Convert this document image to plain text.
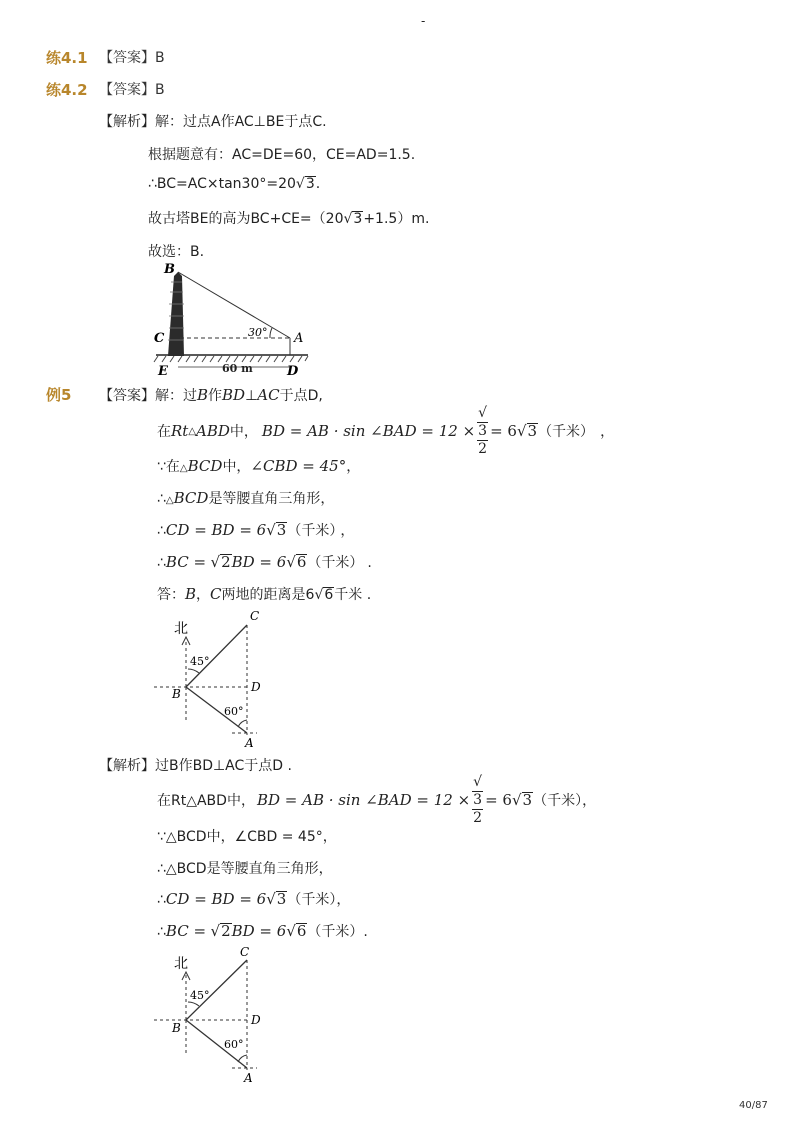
-
练4.1 【答案】B
练4.2 【答案】B
【解析】解：过点A作AC⊥BE于点C.
根据题意有：AC=DE=60，CE=AD=1.5.
∴BC=AC×tan30°=20√3.
故古塔BE的高为BC+CE=（20√3+1.5）m.
故选：B.
30°
60 m
B
C	A
E	D
例5 【答案】解：过B作BD⊥AC于点D,
在 Rt △ ABD 中， BD = AB · sin ∠BAD = 12 × √
3
2 = 6 √ 3 （千米） ，
∵在△BCD中，∠CBD = 45°，
∴△BCD是等腰直角三角形，
∴CD = BD = 6√3（千米） ，
∴BC = √2BD = 6√6（千米） .
答：B，C两地的距离是6√6千米 .
北
C
B	D
A
45°
60°
【解析】过B作BD⊥AC于点D .
在Rt△ABD中， BD = AB · sin ∠BAD = 12 × √
3
2 = 6 √ 3 （千米），
∵△BCD中，∠CBD = 45°，
∴△BCD是等腰直角三角形，
∴CD = BD = 6√3（千米），
∴BC = √2BD = 6√6（千米）.
北
C
B
D
A
45°
60°
40/87
